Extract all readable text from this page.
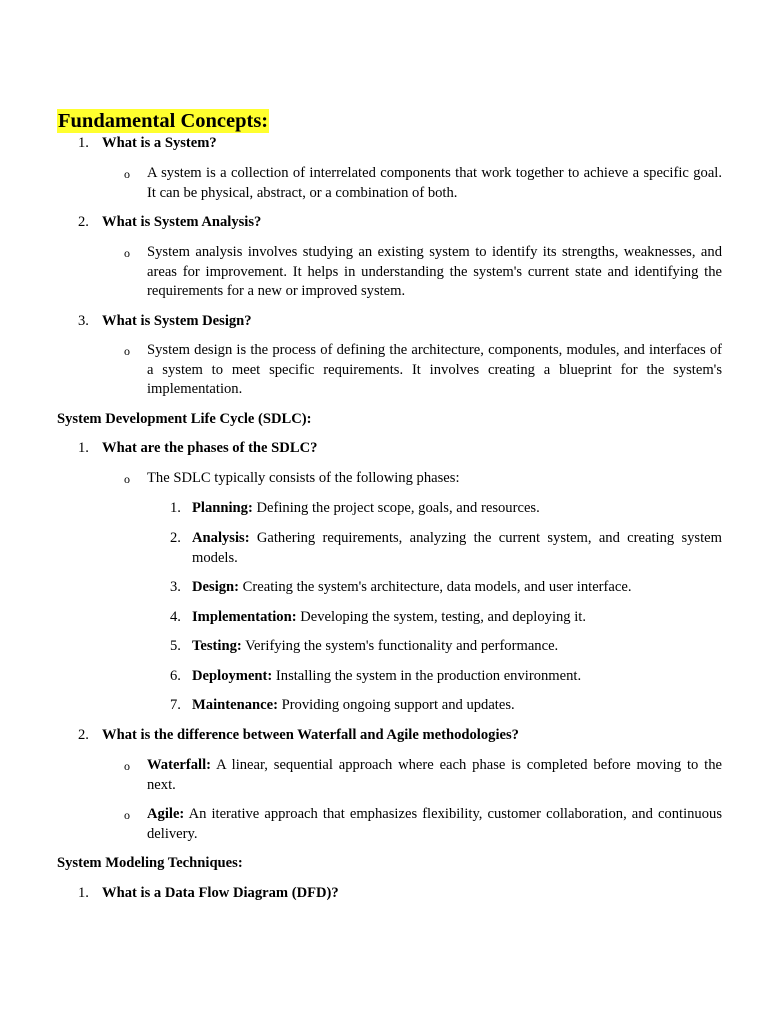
Fundamental Concepts:
1. What is a System?
o A system is a collection of interrelated components that work together to achieve a specific goal. It can be physical, abstract, or a combination of both.
2. What is System Analysis?
o System analysis involves studying an existing system to identify its strengths, weaknesses, and areas for improvement. It helps in understanding the system's current state and identifying the requirements for a new or improved system.
3. What is System Design?
o System design is the process of defining the architecture, components, modules, and interfaces of a system to meet specific requirements. It involves creating a blueprint for the system's implementation.
System Development Life Cycle (SDLC):
1. What are the phases of the SDLC?
o The SDLC typically consists of the following phases:
1. Planning: Defining the project scope, goals, and resources.
2. Analysis: Gathering requirements, analyzing the current system, and creating system models.
3. Design: Creating the system's architecture, data models, and user interface.
4. Implementation: Developing the system, testing, and deploying it.
5. Testing: Verifying the system's functionality and performance.
6. Deployment: Installing the system in the production environment.
7. Maintenance: Providing ongoing support and updates.
2. What is the difference between Waterfall and Agile methodologies?
o Waterfall: A linear, sequential approach where each phase is completed before moving to the next.
o Agile: An iterative approach that emphasizes flexibility, customer collaboration, and continuous delivery.
System Modeling Techniques:
1. What is a Data Flow Diagram (DFD)?
